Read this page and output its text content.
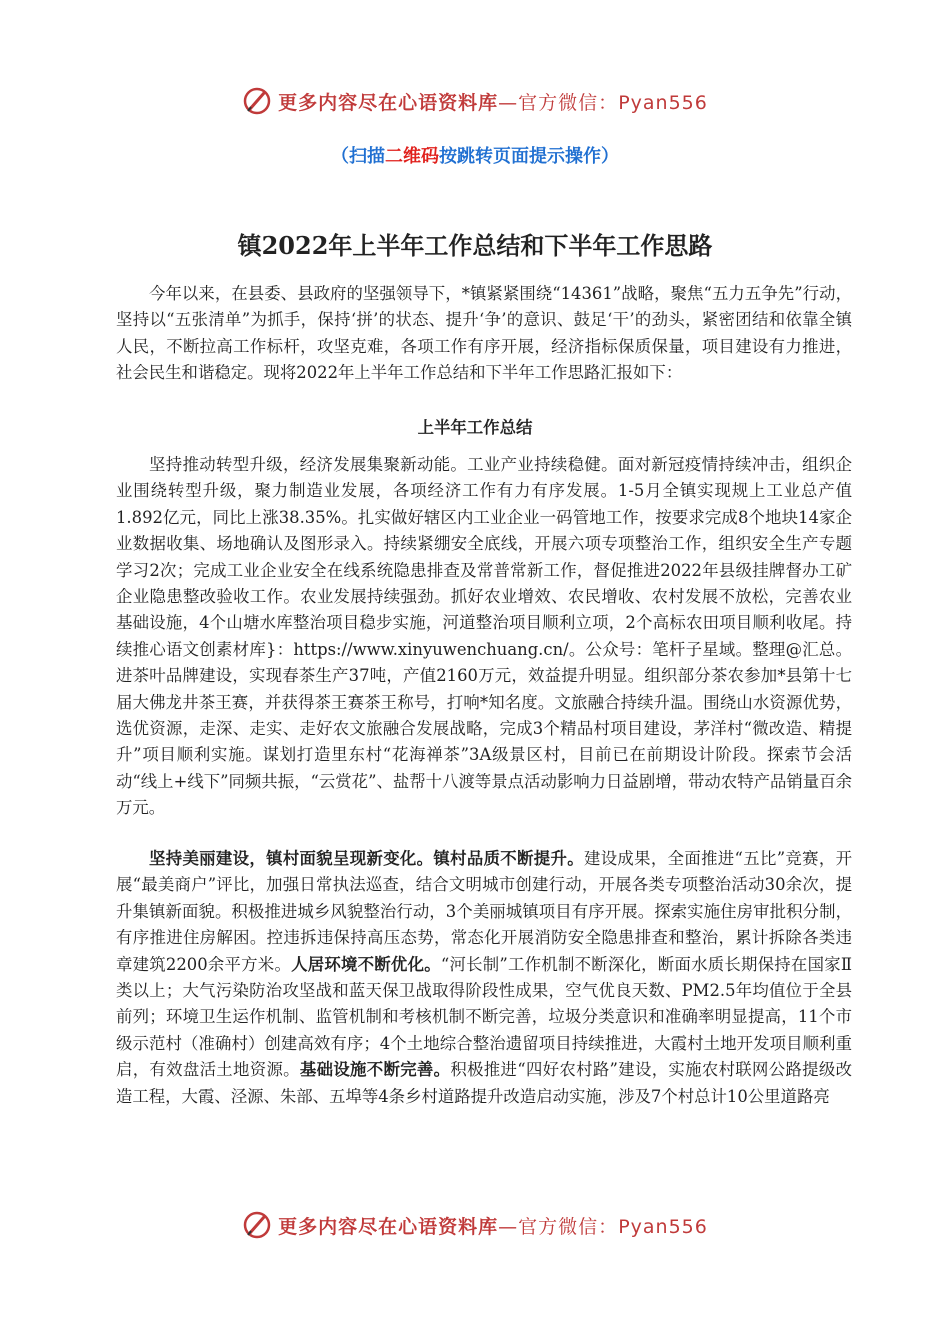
更多内容尽在心语资料库—官方微信：Pyan556
（扫描二维码按跳转页面提示操作）
镇2022年上半年工作总结和下半年工作思路
今年以来，在县委、县政府的坚强领导下，*镇紧紧围绕“14361”战略，聚焦“五力五争先”行动，坚持以“五张清单”为抓手，保持‘拼’的状态、提升‘争’的意识、鼓足‘干’的劲头，紧密团结和依靠全镇人民，不断拉高工作标杆，攻坚克难，各项工作有序开展，经济指标保质保量，项目建设有力推进，社会民生和谐稳定。现将2022年上半年工作总结和下半年工作思路汇报如下：
上半年工作总结
坚持推动转型升级，经济发展集聚新动能。工业产业持续稳健。面对新冠疫情持续冲击，组织企业围绕转型升级，聚力制造业发展，各项经济工作有力有序发展。1-5月全镇实现规上工业总产值1.892亿元，同比上涨38.35%。扎实做好辖区内工业企业一码管地工作，按要求完成8个地块14家企业数据收集、场地确认及图形录入。持续紧绷安全底线，开展六项专项整治工作，组织安全生产专题学习2次；完成工业企业安全在线系统隐患排查及常普常新工作，督促推进2022年县级挂牌督办工矿企业隐患整改验收工作。农业发展持续强劲。抓好农业增效、农民增收、农村发展不放松，完善农业基础设施，4个山塘水库整治项目稳步实施，河道整治项目顺利立项，2个高标农田项目顺利收尾。持续推心语文创素材库}：https://www.xinyuwenchuang.cn/。公众号：笔杆子星域。整理@汇总。进茶叶品牌建设，实现春茶生产37吨，产值2160万元，效益提升明显。组织部分茶农参加*县第十七届大佛龙井茶王赛，并获得茶王赛茶王称号，打响*知名度。文旅融合持续升温。围绕山水资源优势，选优资源，走深、走实、走好农文旅融合发展战略，完成3个精品村项目建设，茅洋村“微改造、精提升”项目顺利实施。谋划打造里东村“花海禅茶”3A级景区村，目前已在前期设计阶段。探索节会活动“线上+线下”同频共振，“云赏花”、盐帮十八渡等景点活动影响力日益剧增，带动农特产品销量百余万元。
坚持美丽建设，镇村面貌呈现新变化。镇村品质不断提升。建设成果，全面推进“五比”竞赛，开展“最美商户”评比，加强日常执法巡查，结合文明城市创建行动，开展各类专项整治活动30余次，提升集镇新面貌。积极推进城乡风貌整治行动，3个美丽城镇项目有序开展。探索实施住房审批积分制，有序推进住房解困。控违拆违保持高压态势，常态化开展消防安全隐患排查和整治，累计拆除各类违章建筑2200余平方米。人居环境不断优化。“河长制”工作机制不断深化，断面水质长期保持在国家Ⅱ类以上；大气污染防治攻坚战和蓝天保卫战取得阶段性成果，空气优良天数、PM2.5年均值位于全县前列；环境卫生运作机制、监管机制和考核机制不断完善，垃圾分类意识和准确率明显提高，11个市级示范村（准确村）创建高效有序；4个土地综合整治遗留项目持续推进，大霞村土地开发项目顺利重启，有效盘活土地资源。基础设施不断完善。积极推进“四好农村路”建设，实施农村联网公路提级改造工程，大霞、泾源、朱部、五埠等4条乡村道路提升改造启动实施，涉及7个村总计10公里道路亮
更多内容尽在心语资料库—官方微信：Pyan556
